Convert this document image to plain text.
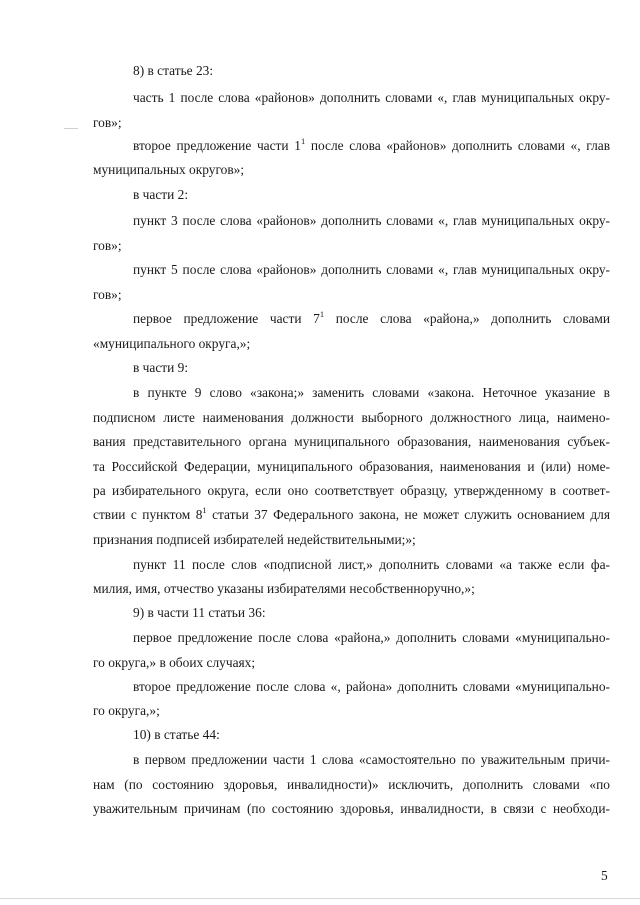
8) в статье 23:
часть 1 после слова «районов» дополнить словами «, глав муниципальных окру-
гов»;
второе предложение части $1^1$ после слова «районов» дополнить словами «, глав
муниципальных округов»;
в части 2:
пункт 3 после слова «районов» дополнить словами «, глав муниципальных окру-
гов»;
пункт 5 после слова «районов» дополнить словами «, глав муниципальных окру-
гов»;
первое предложение части $7^1$ после слова «района,» дополнить словами
«муниципального округа,»;
в части 9:
в пункте 9 слово «закона;» заменить словами «закона. Неточное указание в
подписном листе наименования должности выборного должностного лица, наимено-
вания представительного органа муниципального образования, наименования субъек-
та Российской Федерации, муниципального образования, наименования и (или) номе-
ра избирательного округа, если оно соответствует образцу, утвержденному в соответ-
ствии с пунктом $8^1$ статьи 37 Федерального закона, не может служить основанием для
признания подписей избирателей недействительными;»;
пункт 11 после слов «подписной лист,» дополнить словами «а также если фа-
милия, имя, отчество указаны избирателями несобственноручно,»;
9) в части 11 статьи 36:
первое предложение после слова «района,» дополнить словами «муниципально-
го округа,» в обоих случаях;
второе предложение после слова «, района» дополнить словами «муниципально-
го округа,»;
10) в статье 44:
в первом предложении части 1 слова «самостоятельно по уважительным причи-
нам (по состоянию здоровья, инвалидности)» исключить, дополнить словами «по
уважительным причинам (по состоянию здоровья, инвалидности, в связи с необходи-
5
